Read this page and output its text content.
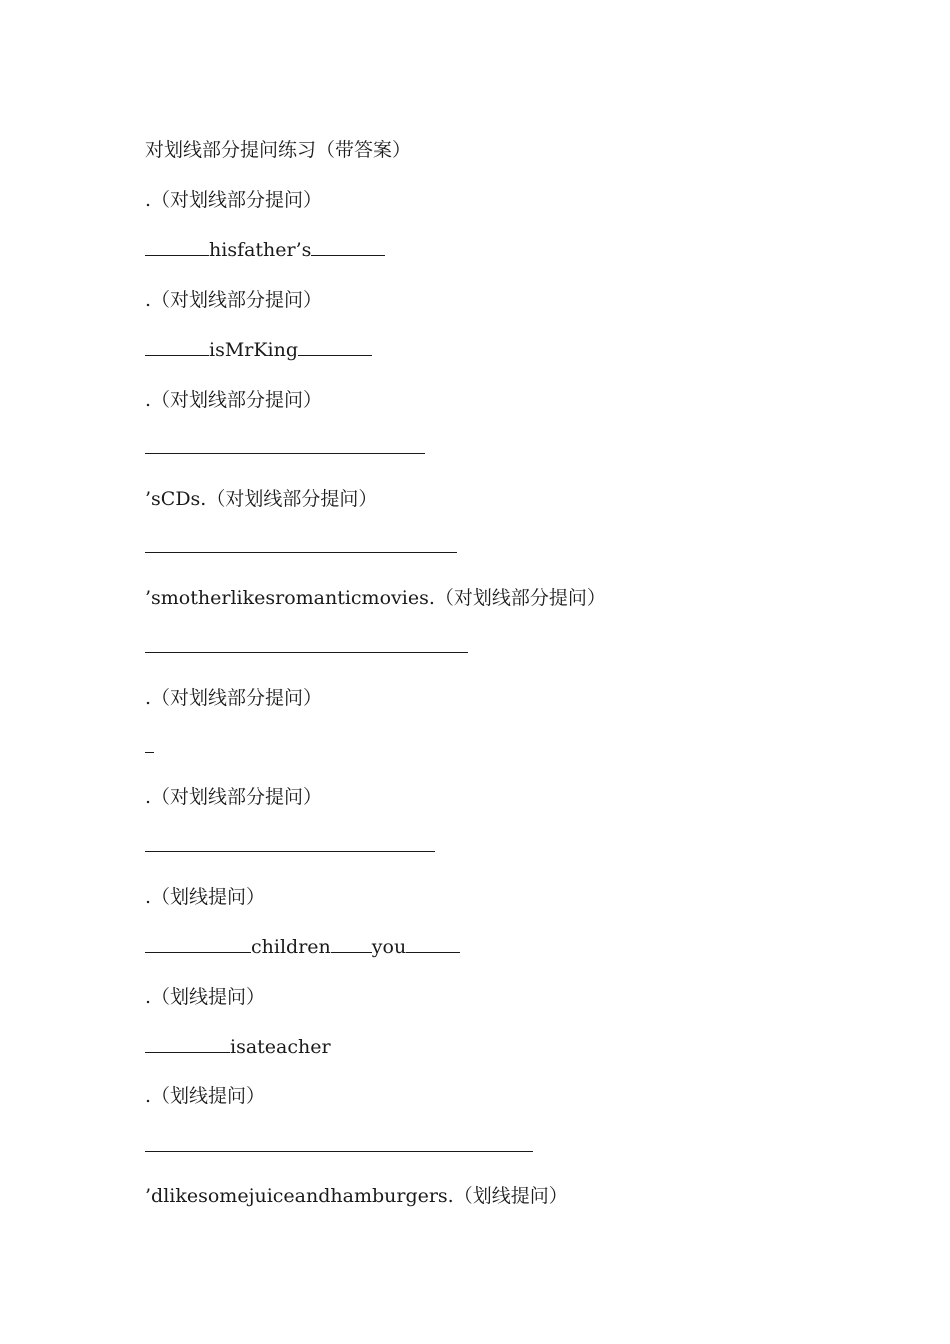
对划线部分提问练习（带答案）
.（对划线部分提问）
hisfather’s
.（对划线部分提问）
isMrKing
.（对划线部分提问）
’sCDs.（对划线部分提问）
’smotherlikesromanticmovies.（对划线部分提问）
.（对划线部分提问）
.（对划线部分提问）
.（划线提问）
children you
.（划线提问）
isateacher
.（划线提问）
’dlikesomejuiceandhamburgers.（划线提问）
